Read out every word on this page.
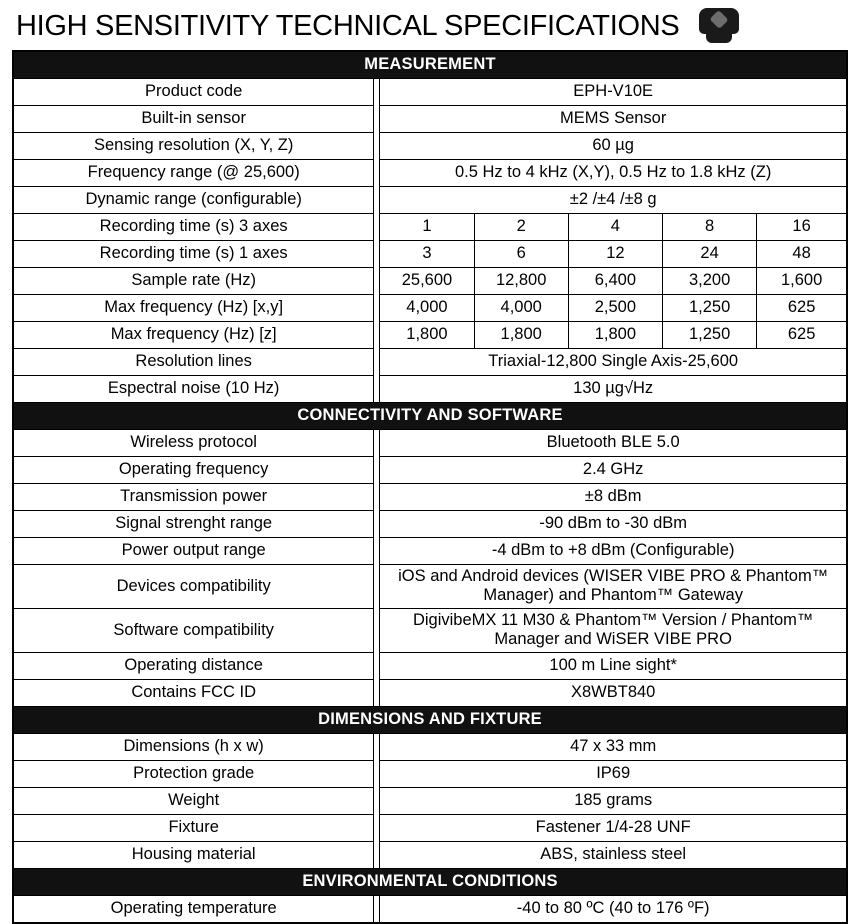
HIGH SENSITIVITY TECHNICAL SPECIFICATIONS
MEASUREMENT						
Product code		EPH-V10E				
Built-in sensor		MEMS Sensor				
Sensing resolution (X, Y, Z)		60 µg				
Frequency range (@ 25,600)		0.5 Hz to 4 kHz (X,Y), 0.5 Hz to 1.8 kHz (Z)				
Dynamic range (configurable)		±2 /±4 /±8 g				
Recording time (s) 3 axes		1	2	4	8	16
Recording time (s) 1 axes		3	6	12	24	48
Sample rate (Hz)		25,600	12,800	6,400	3,200	1,600
Max frequency (Hz) [x,y]		4,000	4,000	2,500	1,250	625
Max frequency (Hz) [z]		1,800	1,800	1,800	1,250	625
Resolution lines		Triaxial-12,800 Single Axis-25,600				
Espectral noise (10 Hz)		130 µg√Hz				
CONNECTIVITY AND SOFTWARE						
Wireless protocol		Bluetooth BLE 5.0				
Operating frequency		2.4 GHz				
Transmission power		±8 dBm				
Signal strenght range		-90 dBm to -30 dBm				
Power output range		-4 dBm to +8 dBm (Configurable)				
Devices compatibility		iOS and Android devices (WISER VIBE PRO & Phantom™ Manager) and Phantom™ Gateway				
Software compatibility		DigivibeMX 11 M30 & Phantom™ Version / Phantom™ Manager and WiSER VIBE PRO				
Operating distance		100 m Line sight*				
Contains FCC ID		X8WBT840				
DIMENSIONS AND FIXTURE						
Dimensions (h x w)		47 x 33 mm				
Protection grade		IP69				
Weight		185 grams				
Fixture		Fastener 1/4-28 UNF				
Housing material		ABS, stainless steel				
ENVIRONMENTAL CONDITIONS						
Operating temperature		-40 to 80 ºC (40 to 176 ºF)				
